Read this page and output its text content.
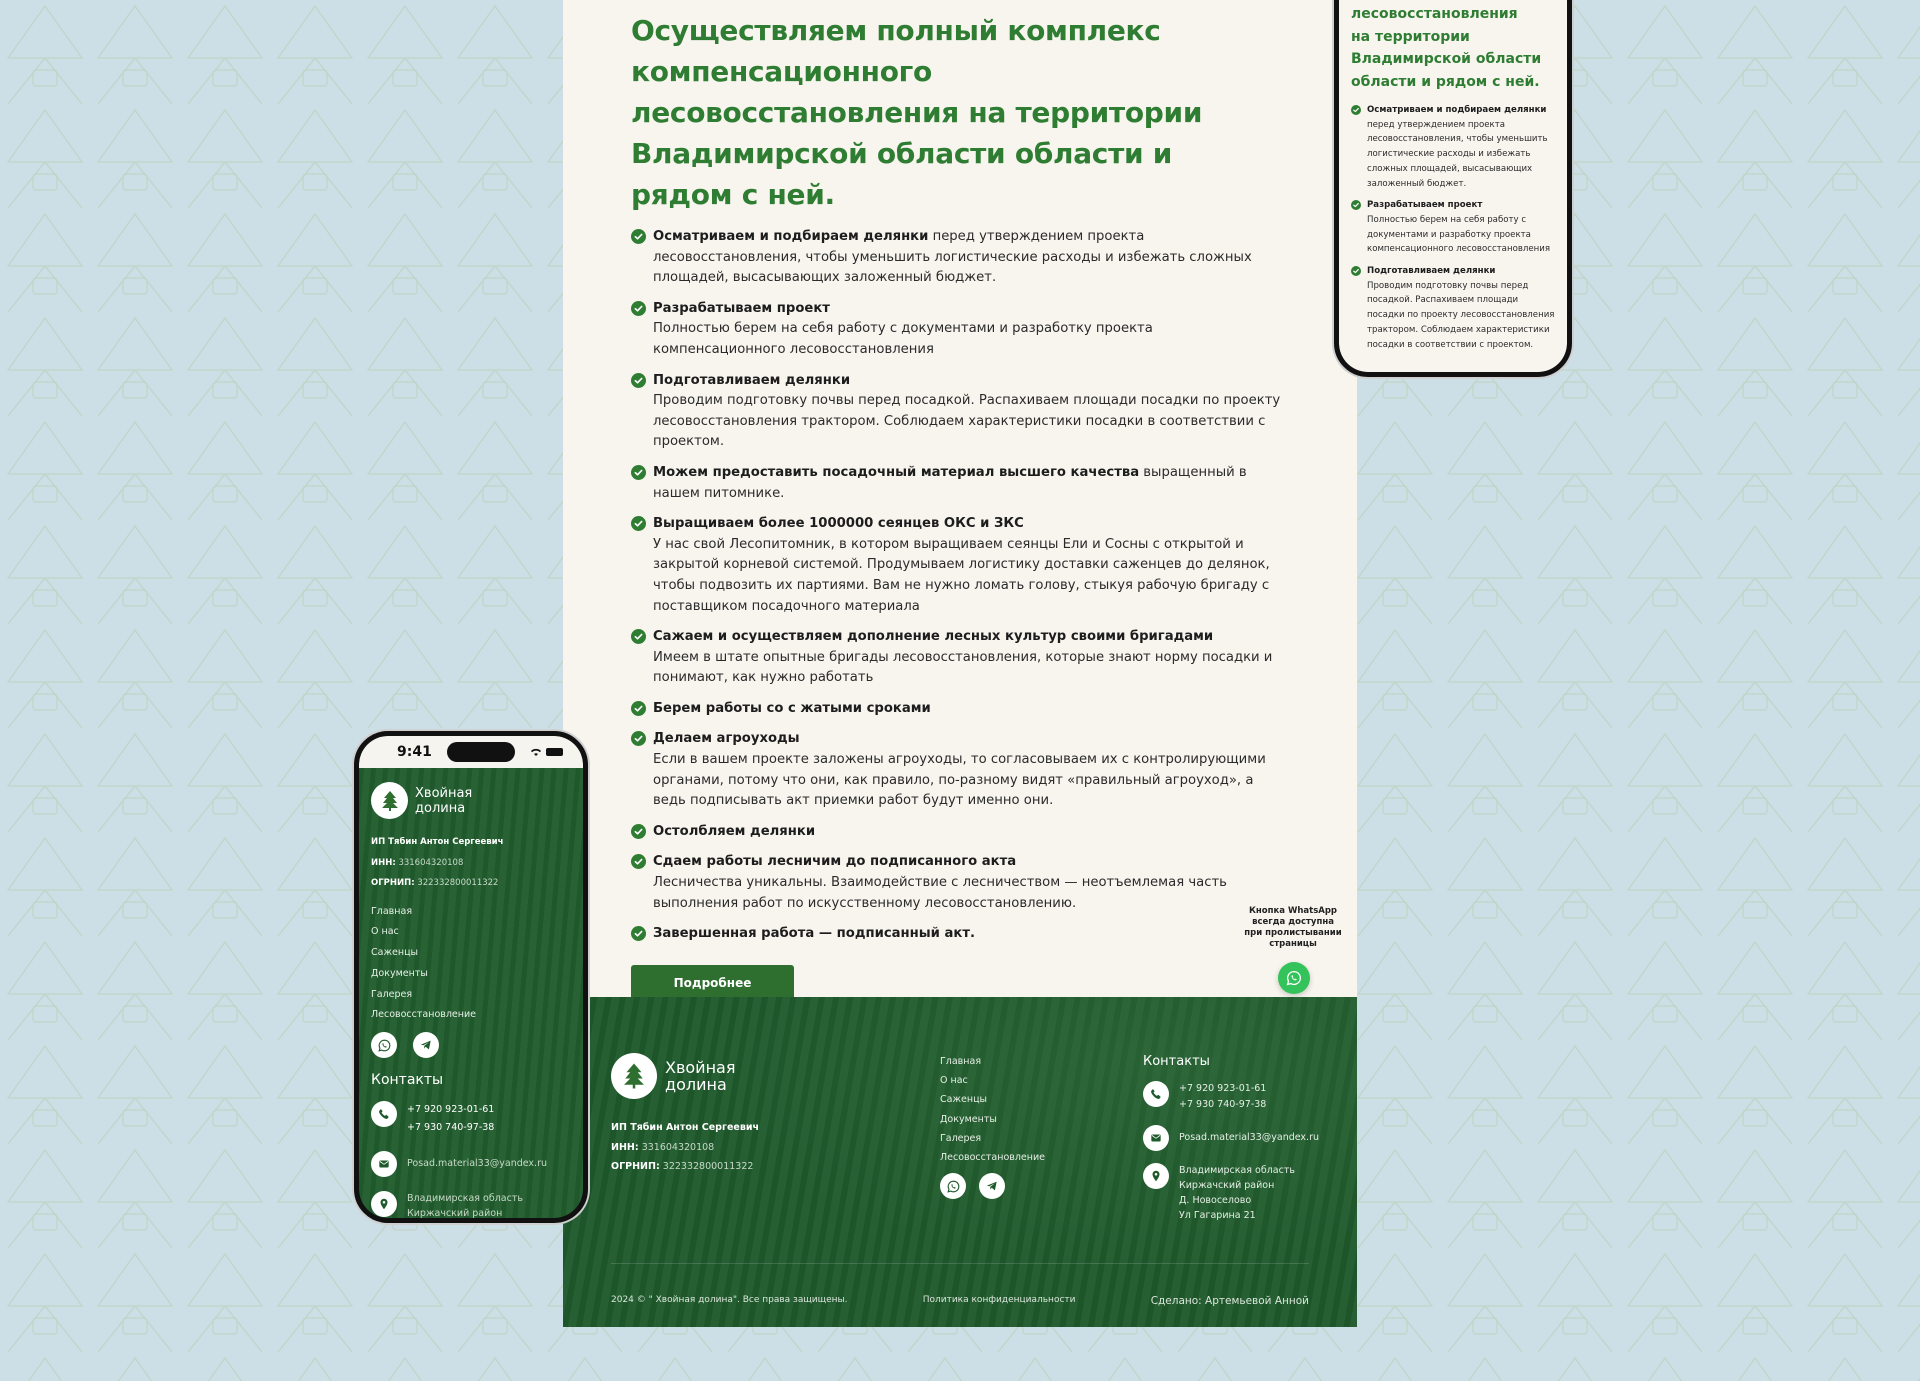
Осуществляем полный комплекс компенсационного лесовосстановления на территории Владимирской области области и рядом с ней.
Осматриваем и подбираем делянки перед утверждением проекта лесовосстановления, чтобы уменьшить логистические расходы и избежать сложных площадей, высасывающих заложенный бюджет.
Разрабатываем проект
Полностью берем на себя работу с документами и разработку проекта компенсационного лесовосстановления
Подготавливаем делянки
Проводим подготовку почвы перед посадкой. Распахиваем площади посадки по проекту лесовосстановления трактором. Соблюдаем характеристики посадки в соответствии с проектом.
Можем предоставить посадочный материал высшего качества выращенный в нашем питомнике.
Выращиваем более 1000000 сеянцев ОКС и ЗКС
У нас свой Лесопитомник, в котором выращиваем сеянцы Ели и Сосны с открытой и закрытой корневой системой. Продумываем логистику доставки саженцев до делянок, чтобы подвозить их партиями. Вам не нужно ломать голову, стыкуя рабочую бригаду с поставщиком посадочного материала
Сажаем и осуществляем дополнение лесных культур своими бригадами
Имеем в штате опытные бригады лесовосстановления, которые знают норму посадки и понимают, как нужно работать
Берем работы со с жатыми сроками
Делаем агроуходы
Если в вашем проекте заложены агроуходы, то согласовываем их с контролирующими органами, потому что они, как правило, по-разному видят «правильный агроуход», а ведь подписывать акт приемки работ будут именно они.
Остолбляем делянки
Сдаем работы лесничим до подписанного акта
Лесничества уникальны. Взаимодействие с лесничеством — неотъемлемая часть выполнения работ по искусственному лесовосстановлению.
Завершенная работа — подписанный акт.
Подробнее
Кнопка WhatsApp всегда доступна при пролистывании страницы
Хвойная
долина
ИП Тябин Антон Сергеевич
ИНН: 331604320108
ОГРНИП: 322332800011322
Главная
О нас
Саженцы
Документы
Галерея
Лесовосстановление
Контакты
+7 920 923-01-61
+7 930 740-97-38
Posad.material33@yandex.ru
Владимирская область
Киржачский район
Д. Новоселово
Ул Гагарина 21
2024 © " Хвойная долина". Все права защищены.	Политика конфиденциальности	Сделано: Артемьевой Анной
9:41
Хвойная
долина
ИП Тябин Антон Сергеевич
ИНН: 331604320108
ОГРНИП: 322332800011322
Главная
О нас
Саженцы
Документы
Галерея
Лесовосстановление
Контакты
+7 920 923-01-61
+7 930 740-97-38
Posad.material33@yandex.ru
Владимирская область
Киржачский район
лесовосстановления
на территории Владимирской области области и рядом с ней.
Осматриваем и подбираем делянки перед утверждением проекта лесовосстановления, чтобы уменьшить логистические расходы и избежать сложных площадей, высасывающих заложенный бюджет.
Разрабатываем проект
Полностью берем на себя работу с документами и разработку проекта компенсационного лесовосстановления
Подготавливаем делянки
Проводим подготовку почвы перед посадкой. Распахиваем площади посадки по проекту лесовосстановления трактором. Соблюдаем характеристики посадки в соответствии с проектом.
